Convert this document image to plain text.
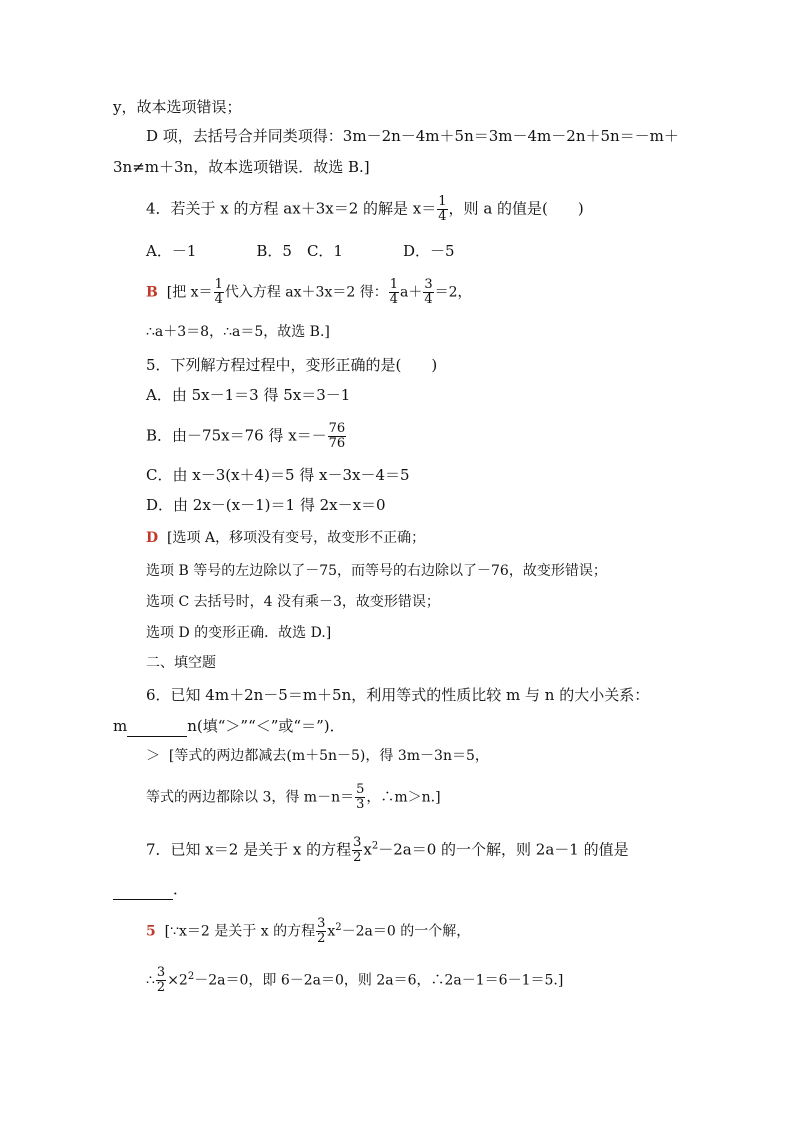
y，故本选项错误；
D 项，去括号合并同类项得：3m－2n－4m＋5n＝3m－4m－2n＋5n＝－m＋
3n≠m＋3n，故本选项错误．故选 B.]
4．若关于 x 的方程 ax＋3x＝2 的解是 $x= \frac{1}{4}$ ，则 a 的值是(　　)
A．－1　　　　B．5　C．1　　　　D．－5
B [把 $x= \frac{1}{4}$ 代入方程 ax＋3x＝2 得： $\frac{1}{4} a+ \frac{3}{4} =2$，
∴a＋3＝8，∴a＝5，故选 B.]
5．下列解方程过程中，变形正确的是(　　)
A．由 5x－1＝3 得 5x＝3－1
B．由－75x＝76 得 $x=- \frac{76}{76}$
C．由 x－3(x＋4)＝5 得 x－3x－4＝5
D．由 2x－(x－1)＝1 得 2x－x＝0
D [选项 A，移项没有变号，故变形不正确；
选项 B 等号的左边除以了－75，而等号的右边除以了－76，故变形错误；
选项 C 去括号时，4 没有乘－3，故变形错误；
选项 D 的变形正确．故选 D.]
二、填空题
6．已知 4m＋2n－5＝m＋5n，利用等式的性质比较 m 与 n 的大小关系：
m	n(填“＞”“＜”或“＝”)．
＞ [等式的两边都减去(m＋5n－5)，得 3m－3n＝5，
等式的两边都除以 3，得 $m-n= \frac{5}{3}$ ，∴m＞n.]
7．已知 x＝2 是关于 x 的方程 $\frac{3}{2} x^2-2a=0$ 的一个解，则 2a－1 的值是
．
5 [∵x＝2 是关于 x 的方程 $\frac{3}{2} x^2-2a=0$ 的一个解，
∴ $\frac{3}{2} \times 2^2-2a=0$，即 6－2a＝0，则 2a＝6，∴2a－1＝6－1＝5.]
